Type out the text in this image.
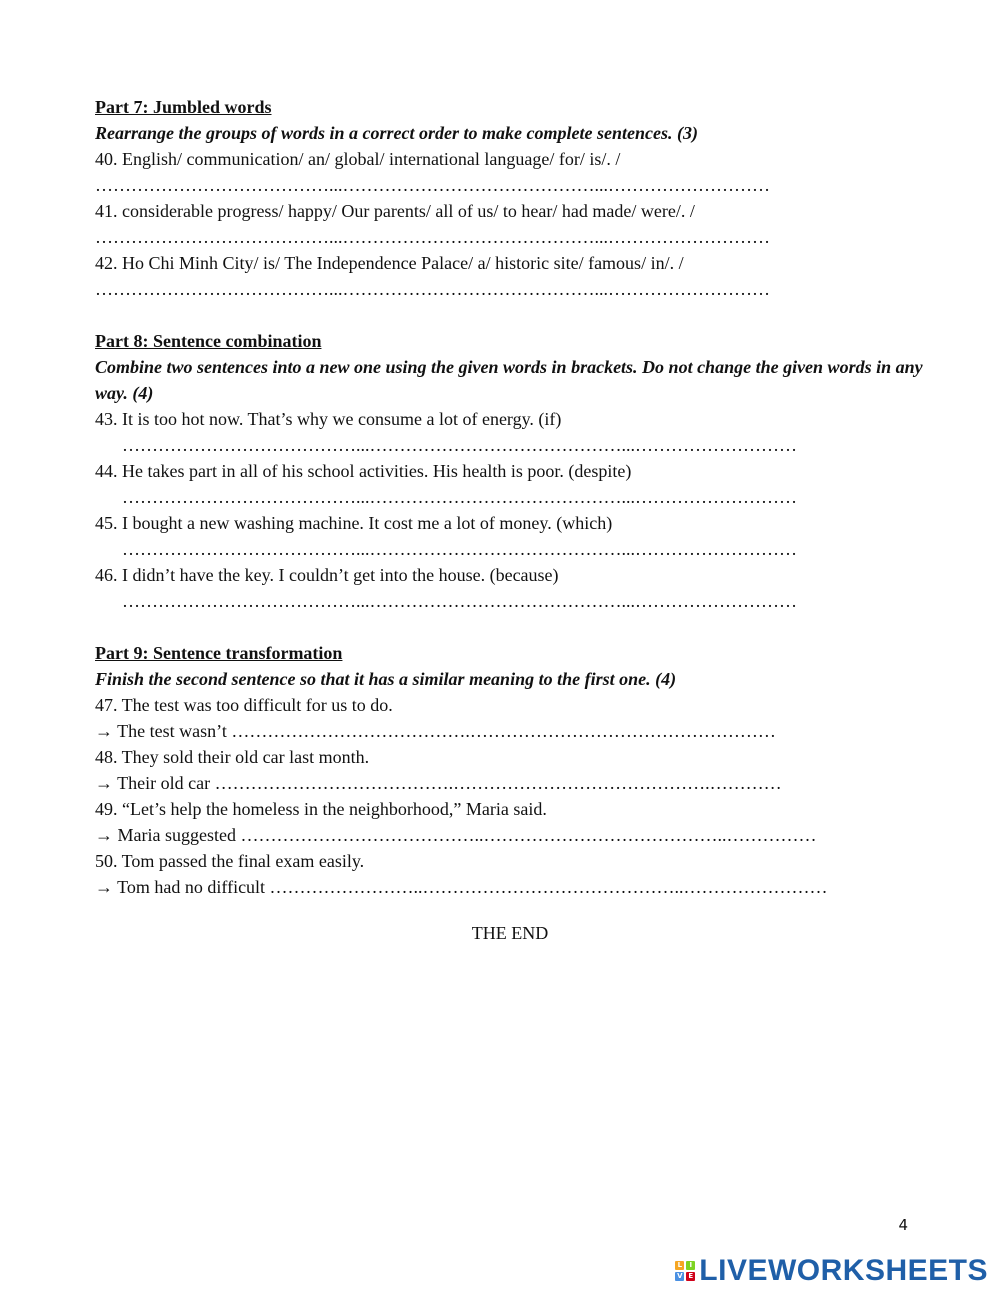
Part 7: Jumbled words
Rearrange the groups of words in a correct order to make complete sentences. (3)
40. English/ communication/ an/ global/ international language/ for/ is/. /
…………………………………...……………………………………...………………………
41. considerable progress/ happy/ Our parents/ all of us/ to hear/ had made/ were/. /
…………………………………...……………………………………...………………………
42. Ho Chi Minh City/ is/ The Independence Palace/ a/ historic site/ famous/ in/. /
…………………………………...……………………………………...………………………
Part 8: Sentence combination
Combine two sentences into a new one using the given words in brackets. Do not change the given words in any way. (4)
43. It is too hot now. That’s why we consume a lot of energy. (if)
…………………………………...……………………………………...………………………
44. He takes part in all of his school activities. His health is poor. (despite)
…………………………………...……………………………………...………………………
45. I bought a new washing machine. It cost me a lot of money. (which)
…………………………………...……………………………………...………………………
46. I didn’t have the key. I couldn’t get into the house. (because)
…………………………………...……………………………………...………………………
Part 9: Sentence transformation
Finish the second sentence so that it has a similar meaning to the first one. (4)
47. The test was too difficult for us to do.
→ The test wasn’t ………………………………….……………………………………………
48. They sold their old car last month.
→ Their old car ………………………………….…………………………………….…………
49. “Let’s help the homeless in the neighborhood,” Maria said.
→ Maria suggested …………………………………..…………………………………..……………
50. Tom passed the final exam easily.
→ Tom had no difficult ……………………..……………………………………..……………………
THE END
4
L	I
V E LIVEWORKSHEETS
